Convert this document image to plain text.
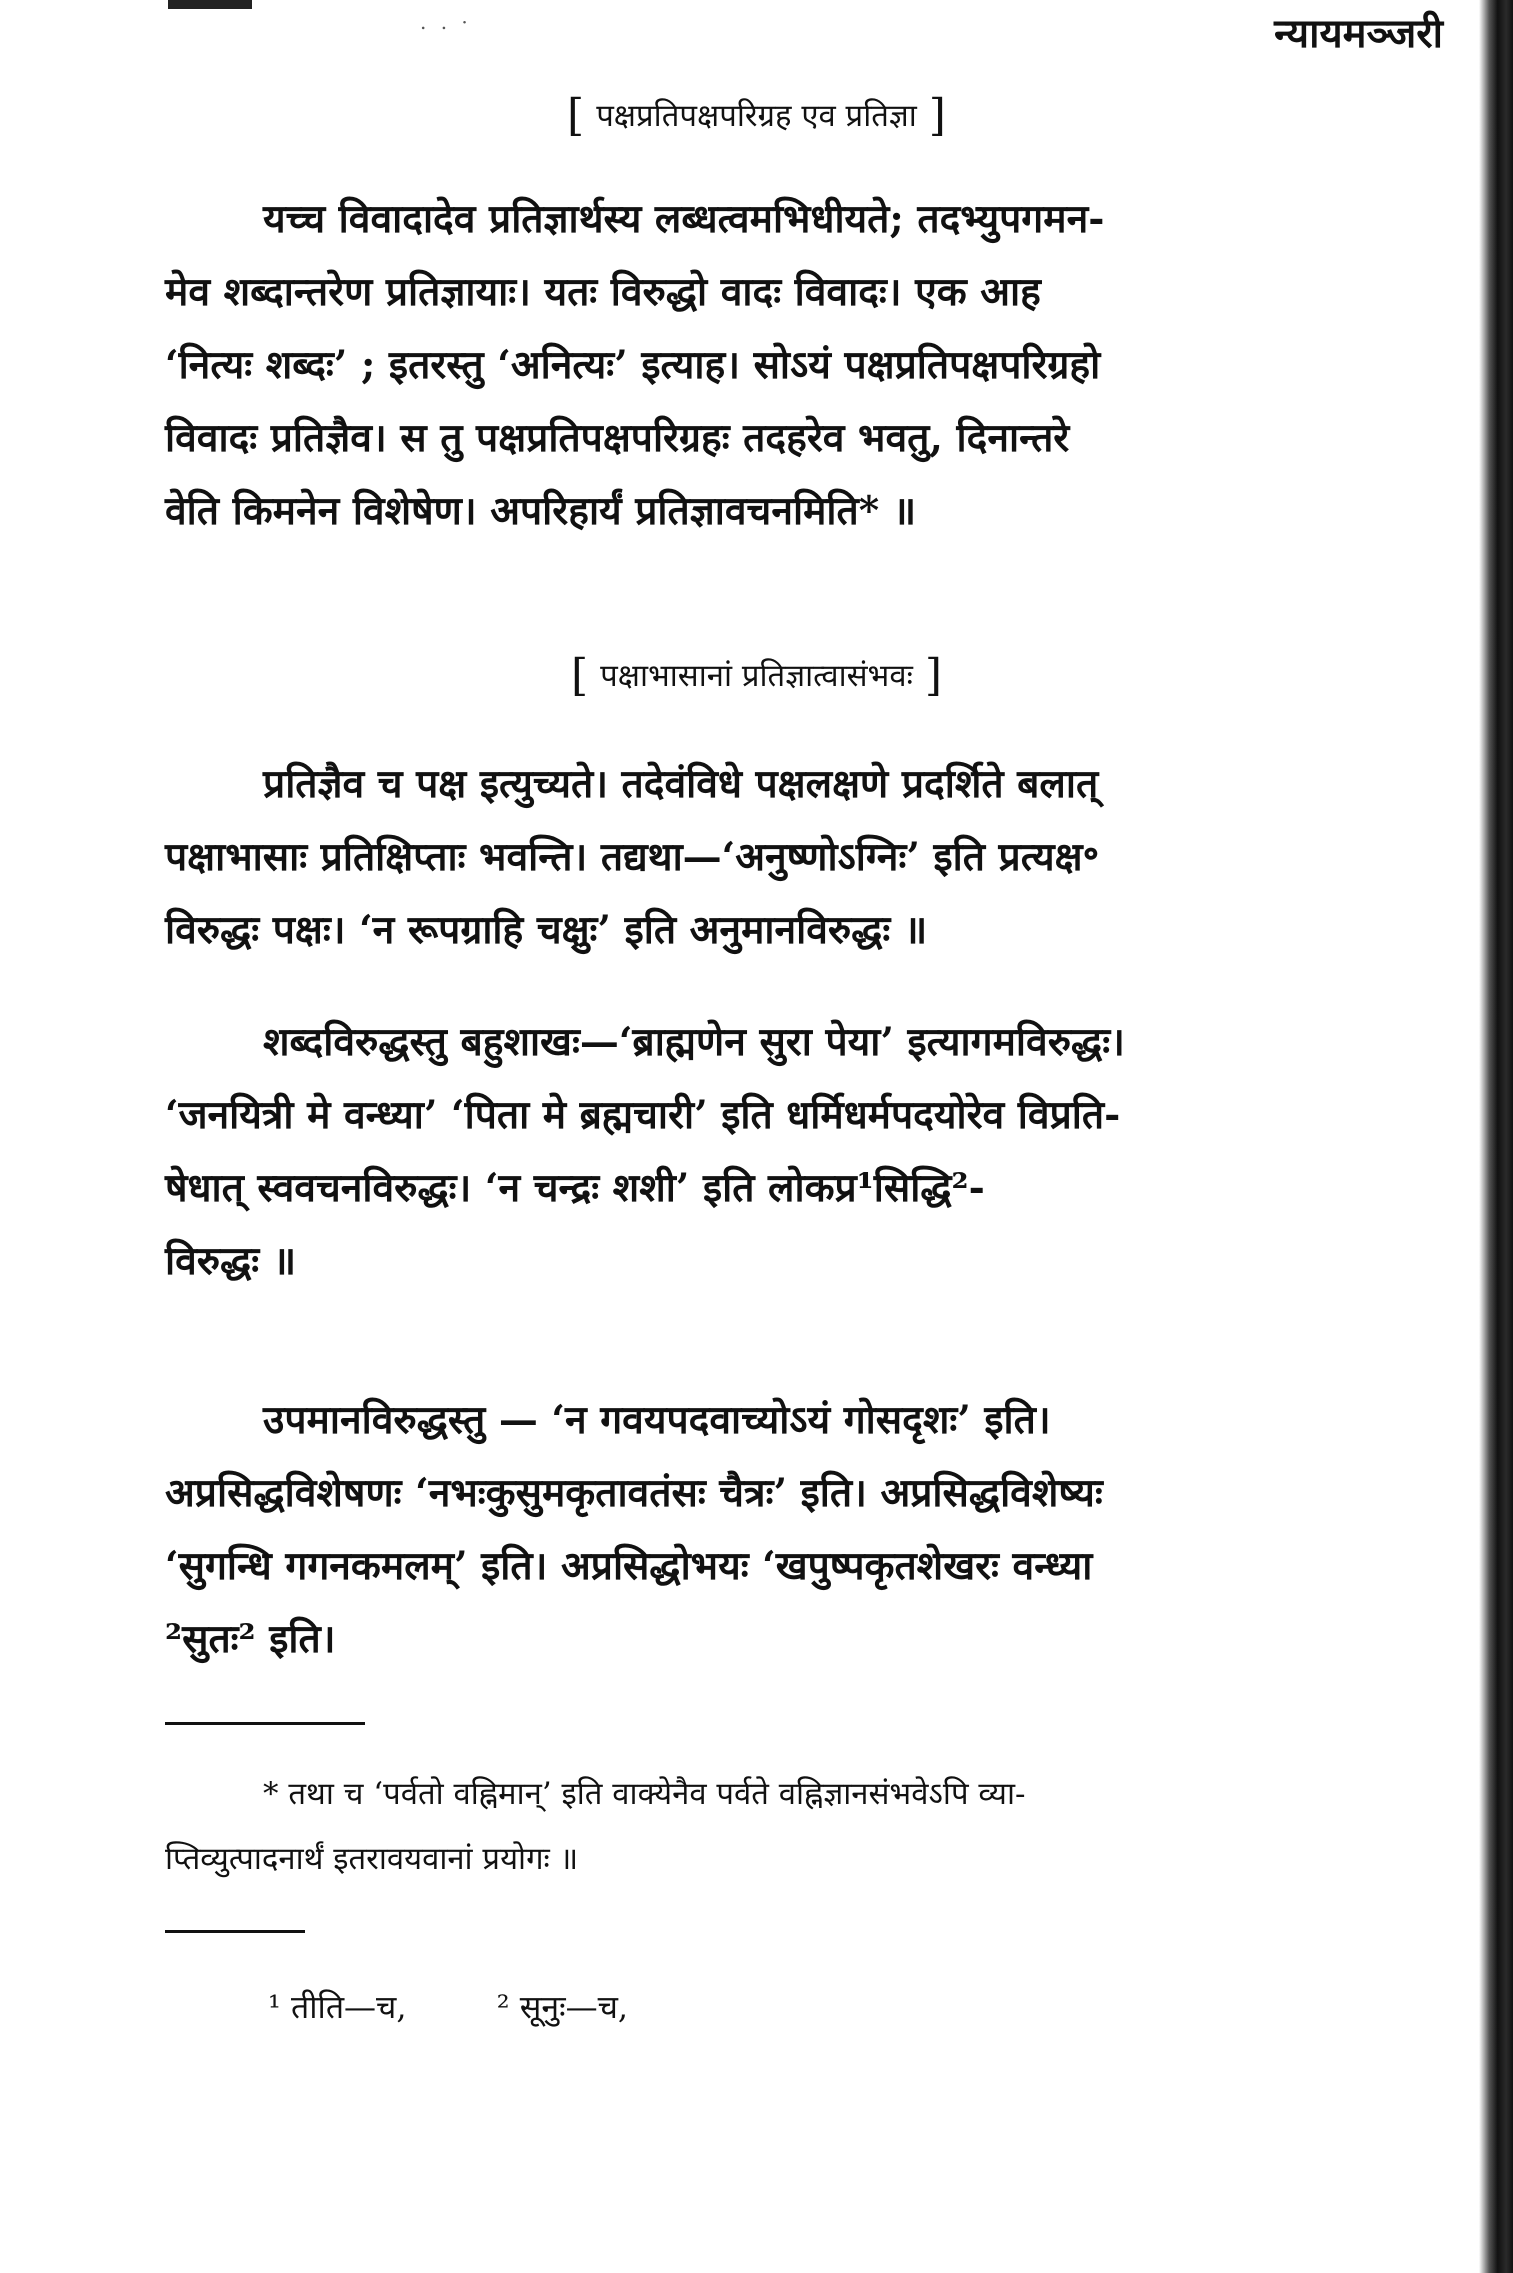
. . ·	न्यायमञ्जरी
[ पक्षप्रतिपक्षपरिग्रह एव प्रतिज्ञा ]

यच्च विवादादेव प्रतिज्ञार्थस्य लब्धत्वमभिधीयते; तदभ्युपगमन-
मेव शब्दान्तरेण प्रतिज्ञायाः। यतः विरुद्धो वादः विवादः। एक आह
‘नित्यः शब्दः’ ; इतरस्तु ‘अनित्यः’ इत्याह। सोऽयं पक्षप्रतिपक्षपरिग्रहो
विवादः प्रतिज्ञैव। स तु पक्षप्रतिपक्षपरिग्रहः तदहरेव भवतु, दिनान्तरे
वेति किमनेन विशेषेण। अपरिहार्यं प्रतिज्ञावचनमिति* ॥

[ पक्षाभासानां प्रतिज्ञात्वासंभवः ]

प्रतिज्ञैव च पक्ष इत्युच्यते। तदेवंविधे पक्षलक्षणे प्रदर्शिते बलात्
पक्षाभासाः प्रतिक्षिप्ताः भवन्ति। तद्यथा—‘अनुष्णोऽग्निः’ इति प्रत्यक्ष॰
विरुद्धः पक्षः। ‘न रूपग्राहि चक्षुः’ इति अनुमानविरुद्धः ॥

शब्दविरुद्धस्तु बहुशाखः—‘ब्राह्मणेन सुरा पेया’ इत्यागमविरुद्धः।
‘जनयित्री मे वन्ध्या’ ‘पिता मे ब्रह्मचारी’ इति धर्मिधर्मपदयोरेव विप्रति-
षेधात् स्ववचनविरुद्धः। ‘न चन्द्रः शशी’ इति लोकप्र¹सिद्धि²-
विरुद्धः ॥

उपमानविरुद्धस्तु — ‘न गवयपदवाच्योऽयं गोसदृशः’ इति।
अप्रसिद्धविशेषणः ‘नभःकुसुमकृतावतंसः चैत्रः’ इति। अप्रसिद्धविशेष्यः
‘सुगन्धि गगनकमलम्’ इति। अप्रसिद्धोभयः ‘खपुष्पकृतशेखरः वन्ध्या
²सुतः² इति।

* तथा च ‘पर्वतो वह्निमान्’ इति वाक्येनैव पर्वते वह्निज्ञानसंभवेऽपि व्या-
प्तिव्युत्पादनार्थं इतरावयवानां प्रयोगः ॥

¹ तीति—च,	² सूनुः—च,
